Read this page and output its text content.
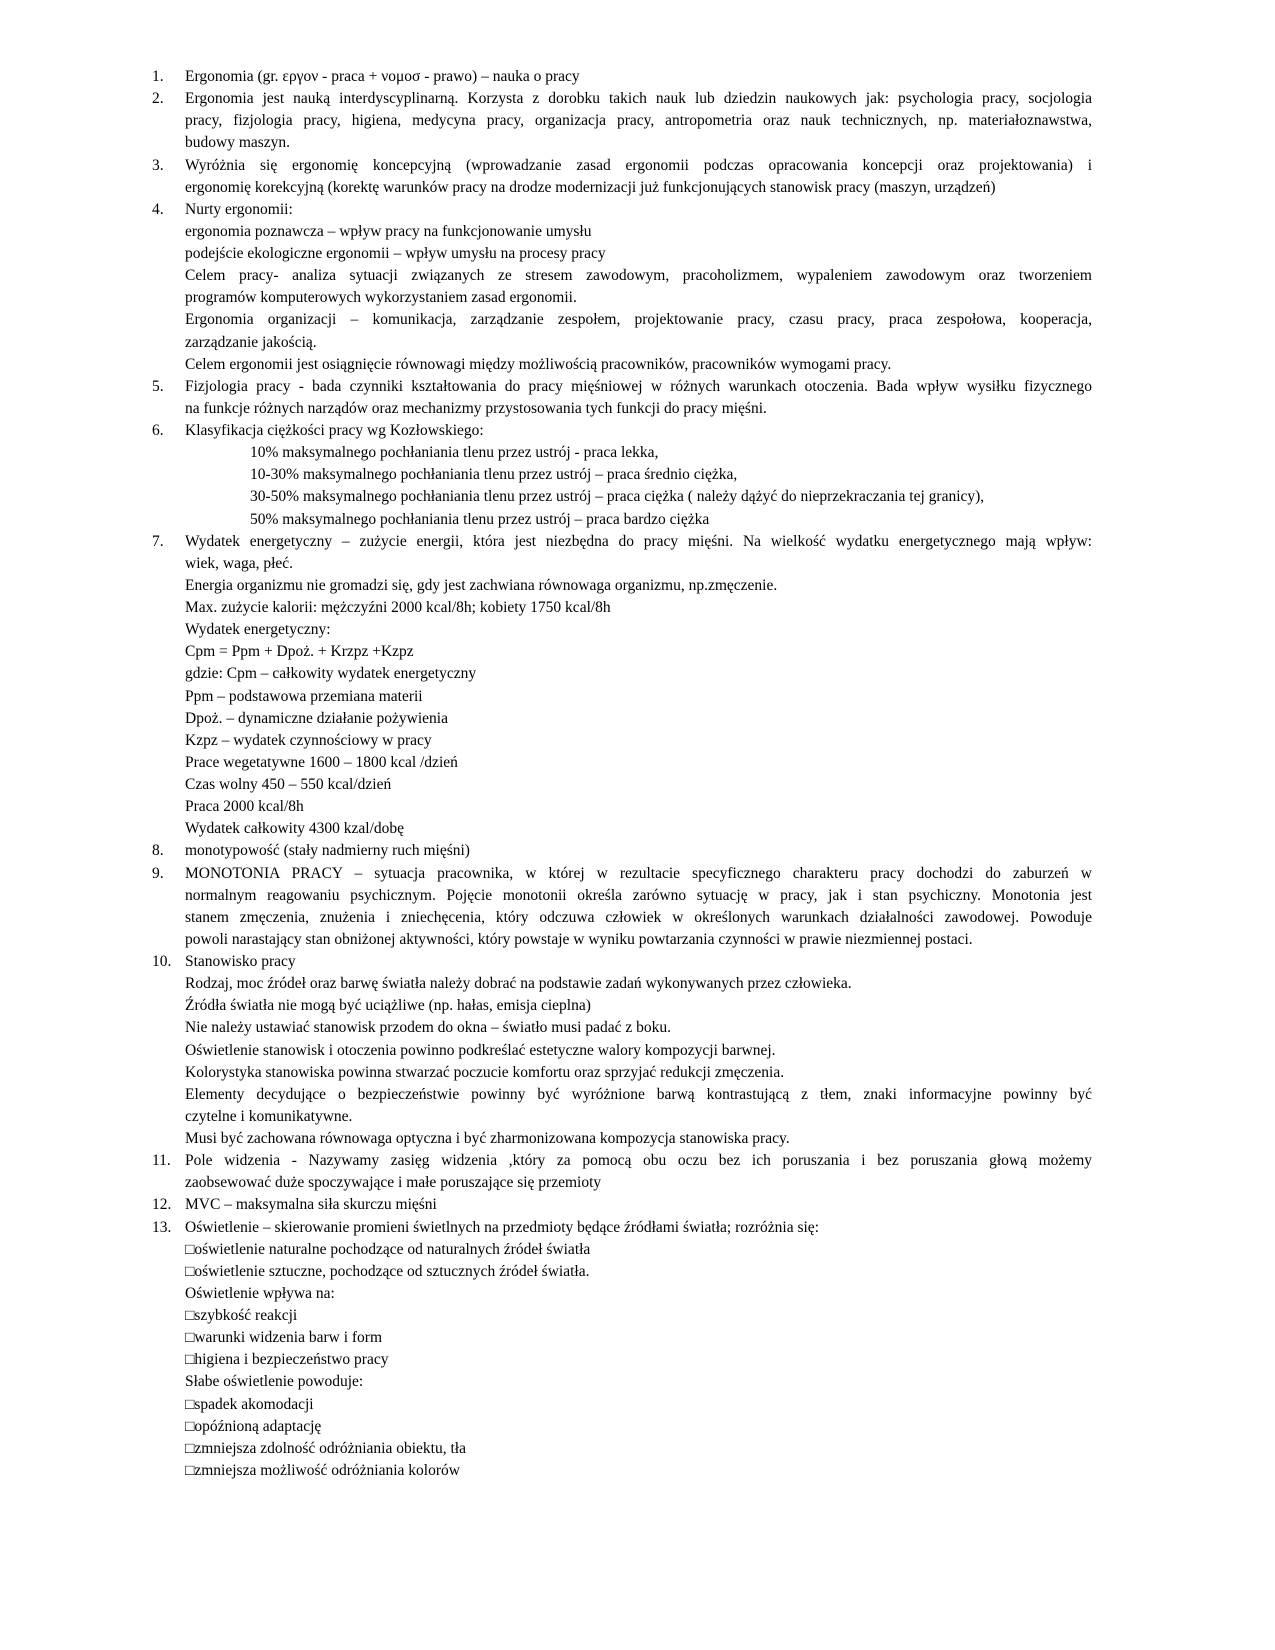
1. Ergonomia (gr. εργον - praca + νομοσ - prawo) – nauka o pracy
2. Ergonomia jest nauką interdyscyplinarną. Korzysta z dorobku takich nauk lub dziedzin naukowych jak: psychologia pracy, socjologia
pracy, fizjologia pracy, higiena, medycyna pracy, organizacja pracy, antropometria oraz nauk technicznych, np. materiałoznawstwa,
budowy maszyn.
3. Wyróżnia się ergonomię koncepcyjną (wprowadzanie zasad ergonomii podczas opracowania koncepcji oraz projektowania) i
ergonomię korekcyjną (korektę warunków pracy na drodze modernizacji już funkcjonujących stanowisk pracy (maszyn, urządzeń)
4. Nurty ergonomii:
ergonomia poznawcza – wpływ pracy na funkcjonowanie umysłu
podejście ekologiczne ergonomii – wpływ umysłu na procesy pracy
Celem pracy- analiza sytuacji związanych ze stresem zawodowym, pracoholizmem, wypaleniem zawodowym oraz tworzeniem
programów komputerowych wykorzystaniem zasad ergonomii.
Ergonomia organizacji – komunikacja, zarządzanie zespołem, projektowanie pracy, czasu pracy, praca zespołowa, kooperacja,
zarządzanie jakością.
Celem ergonomii jest osiągnięcie równowagi między możliwością pracowników, pracowników wymogami pracy.
5. Fizjologia pracy - bada czynniki kształtowania do pracy mięśniowej w różnych warunkach otoczenia. Bada wpływ wysiłku fizycznego
na funkcje różnych narządów oraz mechanizmy przystosowania tych funkcji do pracy mięśni.
6. Klasyfikacja ciężkości pracy wg Kozłowskiego:
10% maksymalnego pochłaniania tlenu przez ustrój - praca lekka,
10-30% maksymalnego pochłaniania tlenu przez ustrój – praca średnio ciężka,
30-50% maksymalnego pochłaniania tlenu przez ustrój – praca ciężka ( należy dążyć do nieprzekraczania tej granicy),
50% maksymalnego pochłaniania tlenu przez ustrój – praca bardzo ciężka
7. Wydatek energetyczny – zużycie energii, która jest niezbędna do pracy mięśni. Na wielkość wydatku energetycznego mają wpływ:
wiek, waga, płeć.
Energia organizmu nie gromadzi się, gdy jest zachwiana równowaga organizmu, np.zmęczenie.
Max. zużycie kalorii: mężczyźni 2000 kcal/8h; kobiety 1750 kcal/8h
Wydatek energetyczny:
Cpm = Ppm + Dpoż. + Krzpz +Kzpz
gdzie: Cpm – całkowity wydatek energetyczny
Ppm – podstawowa przemiana materii
Dpoż. – dynamiczne działanie pożywienia
Kzpz – wydatek czynnościowy w pracy
Prace wegetatywne 1600 – 1800 kcal /dzień
Czas wolny 450 – 550 kcal/dzień
Praca 2000 kcal/8h
Wydatek całkowity 4300 kzal/dobę
8. monotypowość (stały nadmierny ruch mięśni)
9. MONOTONIA PRACY – sytuacja pracownika, w której w rezultacie specyficznego charakteru pracy dochodzi do zaburzeń w
normalnym reagowaniu psychicznym. Pojęcie monotonii określa zarówno sytuację w pracy, jak i stan psychiczny. Monotonia jest
stanem zmęczenia, znużenia i zniechęcenia, który odczuwa człowiek w określonych warunkach działalności zawodowej. Powoduje
powoli narastający stan obniżonej aktywności, który powstaje w wyniku powtarzania czynności w prawie niezmiennej postaci.
10. Stanowisko pracy
Rodzaj, moc źródeł oraz barwę światła należy dobrać na podstawie zadań wykonywanych przez człowieka.
Źródła światła nie mogą być uciążliwe (np. hałas, emisja cieplna)
Nie należy ustawiać stanowisk przodem do okna – światło musi padać z boku.
Oświetlenie stanowisk i otoczenia powinno podkreślać estetyczne walory kompozycji barwnej.
Kolorystyka stanowiska powinna stwarzać poczucie komfortu oraz sprzyjać redukcji zmęczenia.
Elementy decydujące o bezpieczeństwie powinny być wyróżnione barwą kontrastującą z tłem, znaki informacyjne powinny być
czytelne i komunikatywne.
Musi być zachowana równowaga optyczna i być zharmonizowana kompozycja stanowiska pracy.
11. Pole widzenia - Nazywamy zasięg widzenia ,który za pomocą obu oczu bez ich poruszania i bez poruszania głową możemy
zaobsewować duże spoczywające i małe poruszające się przemioty
12. MVC – maksymalna siła skurczu mięśni
13. Oświetlenie – skierowanie promieni świetlnych na przedmioty będące źródłami światła; rozróżnia się:
□oświetlenie naturalne pochodzące od naturalnych źródeł światła
□oświetlenie sztuczne, pochodzące od sztucznych źródeł światła.
Oświetlenie wpływa na:
□szybkość reakcji
□warunki widzenia barw i form
□higiena i bezpieczeństwo pracy
Słabe oświetlenie powoduje:
□spadek akomodacji
□opóźnioną adaptację
□zmniejsza zdolność odróżniania obiektu, tła
□zmniejsza możliwość odróżniania kolorów
